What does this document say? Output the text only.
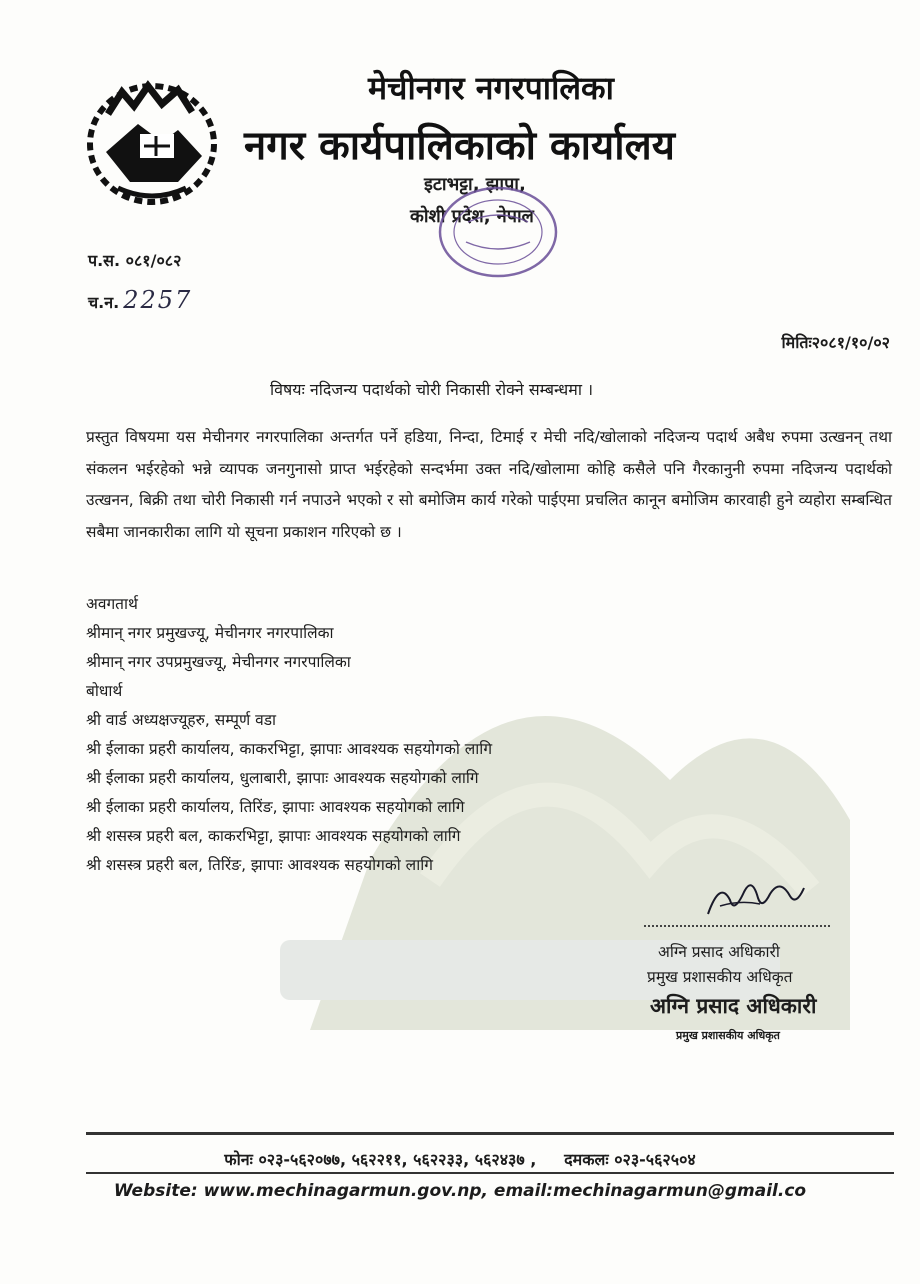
मेचीनगर नगरपालिका
नगर कार्यपालिकाको कार्यालय
इटाभट्टा, झापा,
कोशी प्रदेश, नेपाल
प.स. ०८१/०८२
च.न. 2257
मितिः२०८१/१०/०२
विषयः नदिजन्य पदार्थको चोरी निकासी रोक्ने सम्बन्धमा ।
प्रस्तुत विषयमा यस मेचीनगर नगरपालिका अन्तर्गत पर्ने हडिया, निन्दा, टिमाई र मेची नदि/खोलाको नदिजन्य पदार्थ अबैध रुपमा उत्खनन् तथा संकलन भईरहेको भन्ने व्यापक जनगुनासो प्राप्त भईरहेको सन्दर्भमा उक्त नदि/खोलामा कोहि कसैले पनि गैरकानुनी रुपमा नदिजन्य पदार्थको उत्खनन, बिक्री तथा चोरी निकासी गर्न नपाउने भएको र सो बमोजिम कार्य गरेको पाईएमा प्रचलित कानून बमोजिम कारवाही हुने व्यहोरा सम्बन्धित सबैमा जानकारीका लागि यो सूचना प्रकाशन गरिएको छ ।
अवगतार्थ
श्रीमान् नगर प्रमुखज्यू, मेचीनगर नगरपालिका
श्रीमान् नगर उपप्रमुखज्यू, मेचीनगर नगरपालिका
बोधार्थ
श्री वार्ड अध्यक्षज्यूहरु, सम्पूर्ण वडा
श्री ईलाका प्रहरी कार्यालय, काकरभिट्टा, झापाः आवश्यक सहयोगको लागि
श्री ईलाका प्रहरी कार्यालय, धुलाबारी, झापाः आवश्यक सहयोगको लागि
श्री ईलाका प्रहरी कार्यालय, तिरिंङ, झापाः आवश्यक सहयोगको लागि
श्री शसस्त्र प्रहरी बल, काकरभिट्टा, झापाः आवश्यक सहयोगको लागि
श्री शसस्त्र प्रहरी बल, तिरिंङ, झापाः आवश्यक सहयोगको लागि
अग्नि प्रसाद अधिकारी
प्रमुख प्रशासकीय अधिकृत
अग्नि प्रसाद अधिकारी
प्रमुख प्रशासकीय अधिकृत
फोनः ०२३-५६२०७७, ५६२२११, ५६२२३३, ५६२४३७ , दमकलः ०२३-५६२५०४
Website: www.mechinagarmun.gov.np, email:mechinagarmun@gmail.co
